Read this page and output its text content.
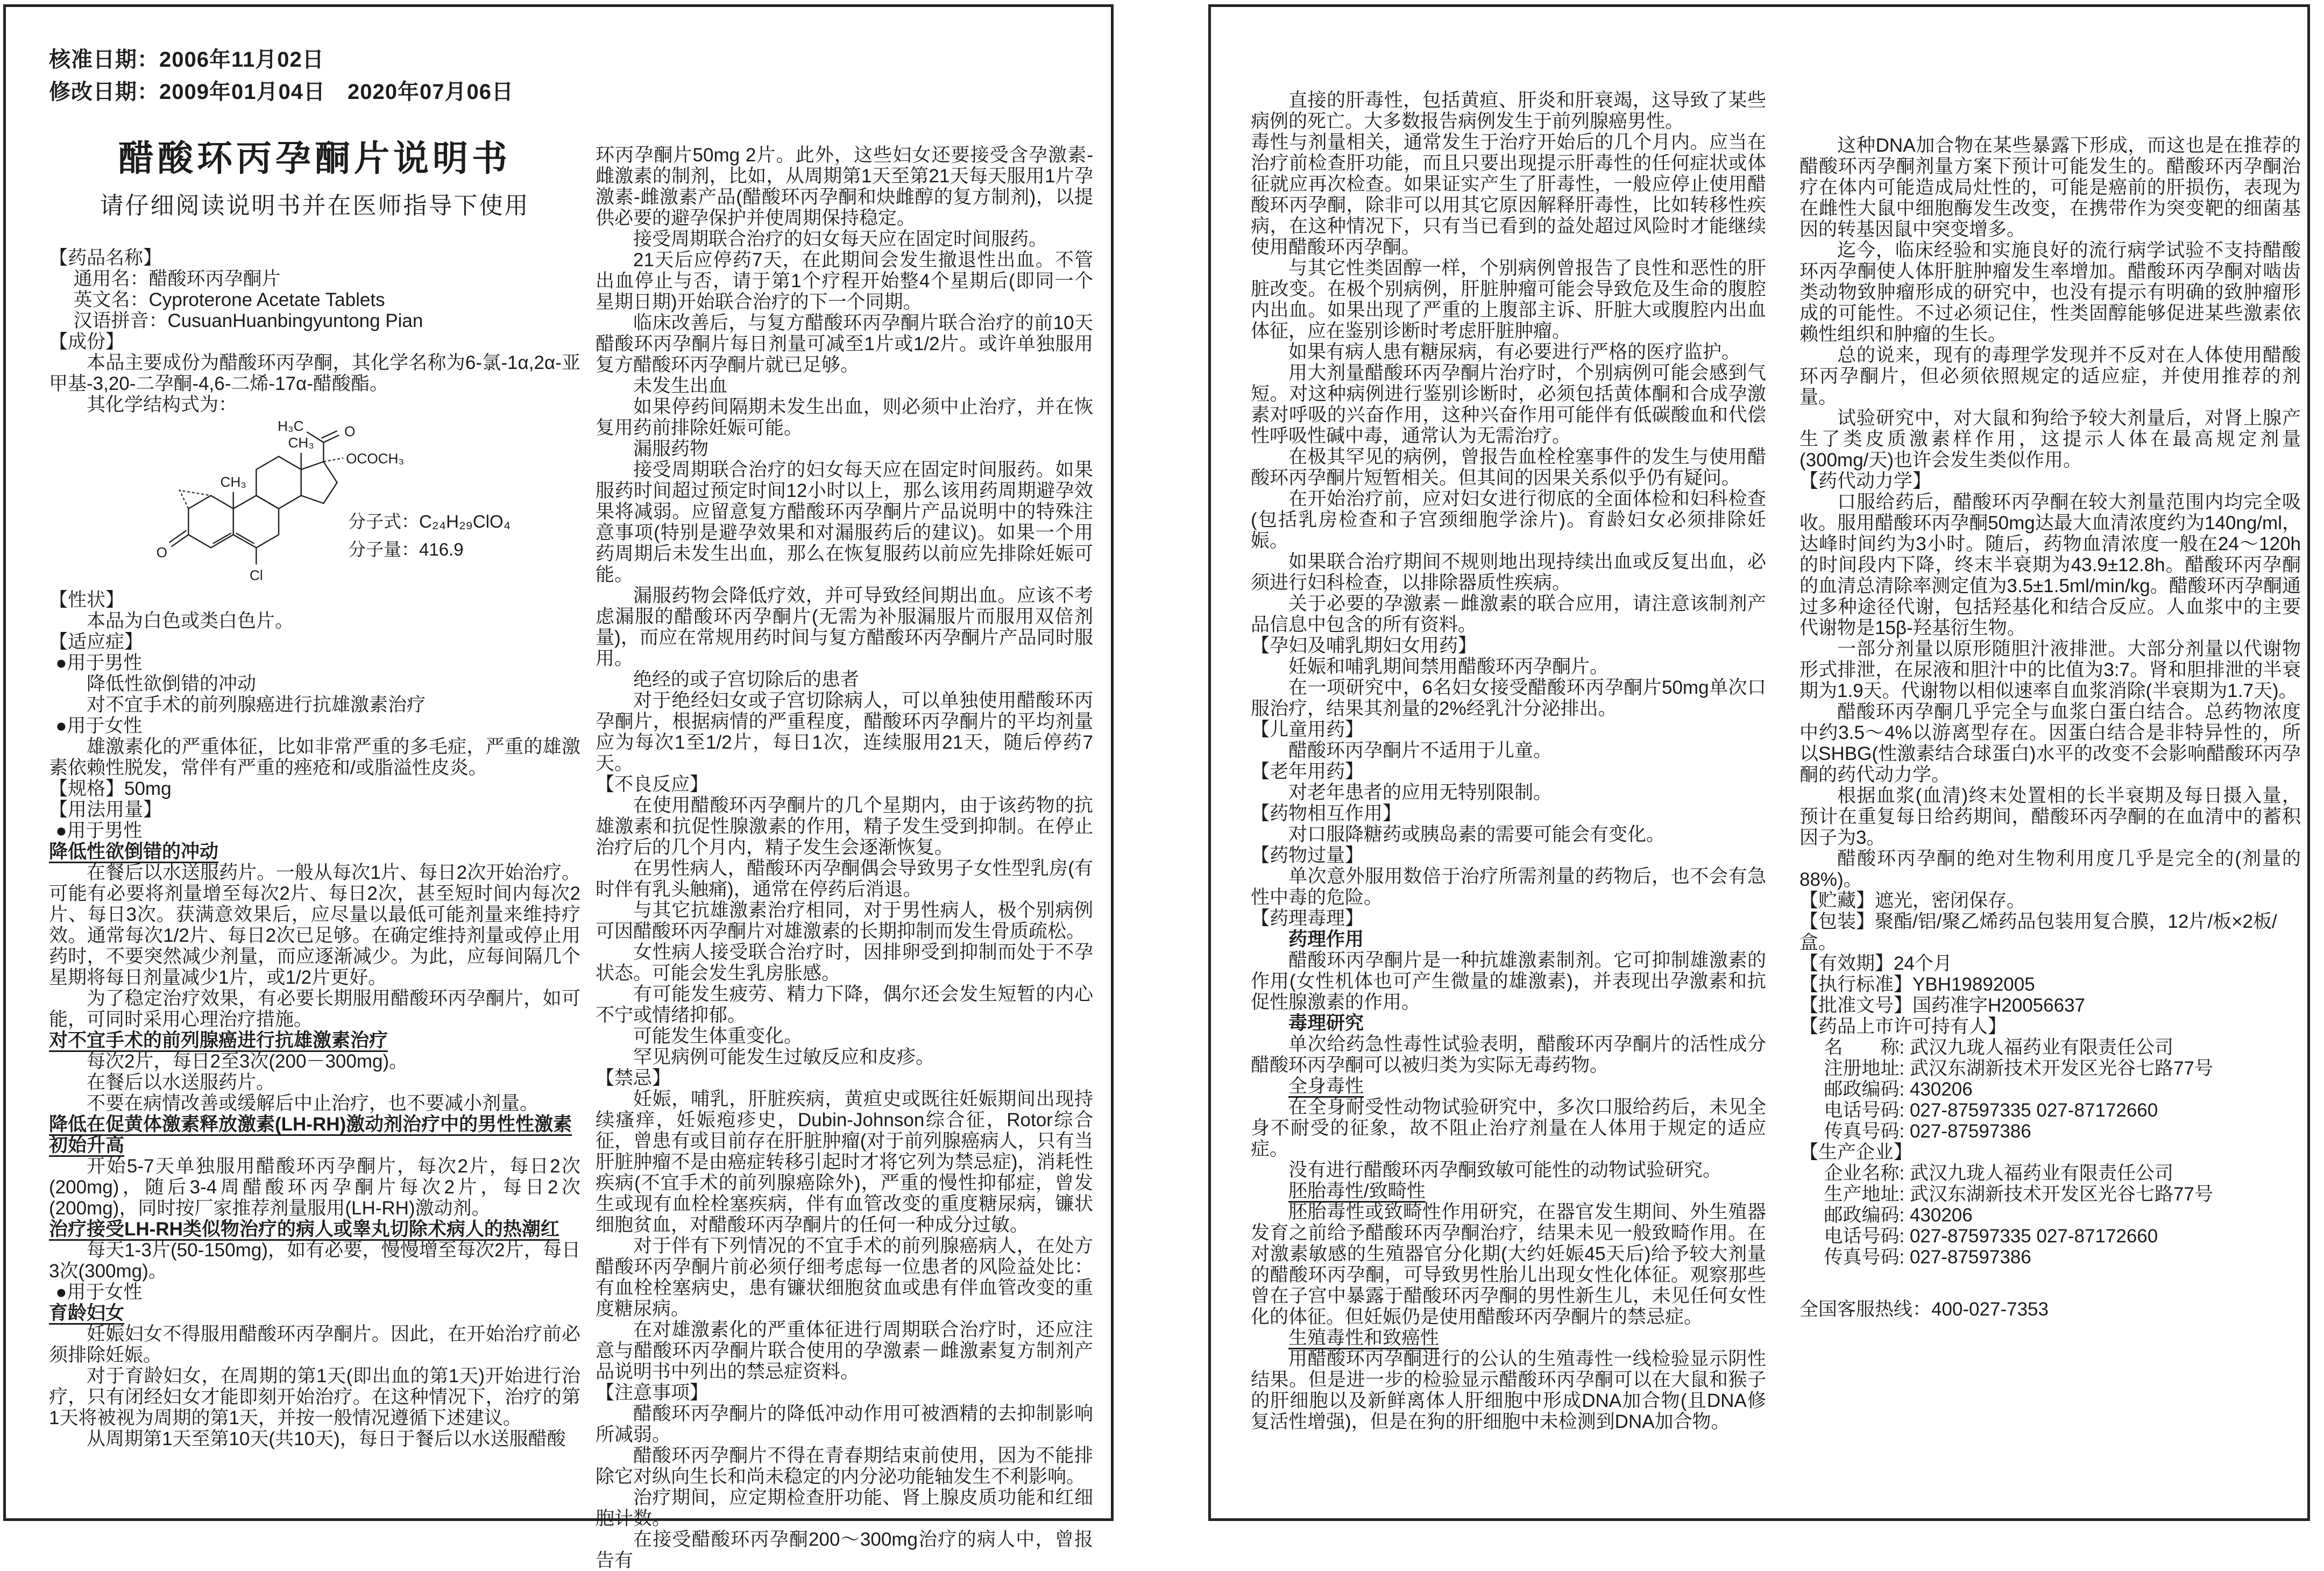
核准日期：2006年11月02日
修改日期：2009年01月04日　2020年07月06日
醋酸环丙孕酮片说明书
请仔细阅读说明书并在医师指导下使用
【药品名称】
通用名：醋酸环丙孕酮片
英文名：Cyproterone Acetate Tablets
汉语拼音：CusuanHuanbingyuntong Pian
【成份】
本品主要成份为醋酸环丙孕酮，其化学名称为6-氯-1α,2α-亚甲基-3,20-二孕酮-4,6-二烯-17α-醋酸酯。
其化学结构式为：
H₃C
CH₃
CH₃
OCOCH₃
O
O
Cl
分子式：C₂₄H₂₉ClO₄
分子量：416.9
【性状】
本品为白色或类白色片。
【适应症】
●用于男性
降低性欲倒错的冲动
对不宜手术的前列腺癌进行抗雄激素治疗
●用于女性
雄激素化的严重体征，比如非常严重的多毛症，严重的雄激素依赖性脱发，常伴有严重的痤疮和/或脂溢性皮炎。
【规格】50mg
【用法用量】
●用于男性
降低性欲倒错的冲动
在餐后以水送服药片。一般从每次1片、每日2次开始治疗。可能有必要将剂量增至每次2片、每日2次，甚至短时间内每次2片、每日3次。获满意效果后，应尽量以最低可能剂量来维持疗效。通常每次1/2片、每日2次已足够。在确定维持剂量或停止用药时，不要突然减少剂量，而应逐渐减少。为此，应每间隔几个星期将每日剂量减少1片，或1/2片更好。
为了稳定治疗效果，有必要长期服用醋酸环丙孕酮片，如可能，可同时采用心理治疗措施。
对不宜手术的前列腺癌进行抗雄激素治疗
每次2片，每日2至3次(200－300mg)。
在餐后以水送服药片。
不要在病情改善或缓解后中止治疗，也不要减小剂量。
降低在促黄体激素释放激素(LH-RH)激动剂治疗中的男性性激素初始升高
开始5-7天单独服用醋酸环丙孕酮片，每次2片，每日2次(200mg)，随后3-4周醋酸环丙孕酮片每次2片，每日2次(200mg)，同时按厂家推荐剂量服用(LH-RH)激动剂。
治疗接受LH-RH类似物治疗的病人或睾丸切除术病人的热潮红
每天1-3片(50-150mg)，如有必要，慢慢增至每次2片，每日3次(300mg)。
●用于女性
育龄妇女
妊娠妇女不得服用醋酸环丙孕酮片。因此，在开始治疗前必须排除妊娠。
对于育龄妇女，在周期的第1天(即出血的第1天)开始进行治疗，只有闭经妇女才能即刻开始治疗。在这种情况下，治疗的第1天将被视为周期的第1天，并按一般情况遵循下述建议。
从周期第1天至第10天(共10天)，每日于餐后以水送服醋酸
环丙孕酮片50mg 2片。此外，这些妇女还要接受含孕激素-雌激素的制剂，比如，从周期第1天至第21天每天服用1片孕激素-雌激素产品(醋酸环丙孕酮和炔雌醇的复方制剂)，以提供必要的避孕保护并使周期保持稳定。
接受周期联合治疗的妇女每天应在固定时间服药。
21天后应停药7天，在此期间会发生撤退性出血。不管出血停止与否，请于第1个疗程开始整4个星期后(即同一个星期日期)开始联合治疗的下一个同期。
临床改善后，与复方醋酸环丙孕酮片联合治疗的前10天醋酸环丙孕酮片每日剂量可减至1片或1/2片。或许单独服用复方醋酸环丙孕酮片就已足够。
未发生出血
如果停药间隔期未发生出血，则必须中止治疗，并在恢复用药前排除妊娠可能。
漏服药物
接受周期联合治疗的妇女每天应在固定时间服药。如果服药时间超过预定时间12小时以上，那么该用药周期避孕效果将减弱。应留意复方醋酸环丙孕酮片产品说明中的特殊注意事项(特别是避孕效果和对漏服药后的建议)。如果一个用药周期后未发生出血，那么在恢复服药以前应先排除妊娠可能。
漏服药物会降低疗效，并可导致经间期出血。应该不考虑漏服的醋酸环丙孕酮片(无需为补服漏服片而服用双倍剂量)，而应在常规用药时间与复方醋酸环丙孕酮片产品同时服用。
绝经的或子宫切除后的患者
对于绝经妇女或子宫切除病人，可以单独使用醋酸环丙孕酮片，根据病情的严重程度，醋酸环丙孕酮片的平均剂量应为每次1至1/2片，每日1次，连续服用21天，随后停药7天。
【不良反应】
在使用醋酸环丙孕酮片的几个星期内，由于该药物的抗雄激素和抗促性腺激素的作用，精子发生受到抑制。在停止治疗后的几个月内，精子发生会逐渐恢复。
在男性病人，醋酸环丙孕酮偶会导致男子女性型乳房(有时伴有乳头触痛)，通常在停药后消退。
与其它抗雄激素治疗相同，对于男性病人，极个别病例可因醋酸环丙孕酮片对雄激素的长期抑制而发生骨质疏松。
女性病人接受联合治疗时，因排卵受到抑制而处于不孕状态。可能会发生乳房胀感。
有可能发生疲劳、精力下降，偶尔还会发生短暂的内心不宁或情绪抑郁。
可能发生体重变化。
罕见病例可能发生过敏反应和皮疹。
【禁忌】
妊娠，哺乳，肝脏疾病，黄疸史或既往妊娠期间出现持续瘙痒，妊娠疱疹史，Dubin-Johnson综合征，Rotor综合征，曾患有或目前存在肝脏肿瘤(对于前列腺癌病人，只有当肝脏肿瘤不是由癌症转移引起时才将它列为禁忌症)，消耗性疾病(不宜手术的前列腺癌除外)，严重的慢性抑郁症，曾发生或现有血栓栓塞疾病，伴有血管改变的重度糖尿病，镰状细胞贫血，对醋酸环丙孕酮片的任何一种成分过敏。
对于伴有下列情况的不宜手术的前列腺癌病人，在处方醋酸环丙孕酮片前必须仔细考虑每一位患者的风险益处比：有血栓栓塞病史，患有镰状细胞贫血或患有伴血管改变的重度糖尿病。
在对雄激素化的严重体征进行周期联合治疗时，还应注意与醋酸环丙孕酮片联合使用的孕激素－雌激素复方制剂产品说明书中列出的禁忌症资料。
【注意事项】
醋酸环丙孕酮片的降低冲动作用可被酒精的去抑制影响所减弱。
醋酸环丙孕酮片不得在青春期结束前使用，因为不能排除它对纵向生长和尚未稳定的内分泌功能轴发生不利影响。
治疗期间，应定期检查肝功能、肾上腺皮质功能和红细胞计数。
在接受醋酸环丙孕酮200～300mg治疗的病人中，曾报告有
直接的肝毒性，包括黄疸、肝炎和肝衰竭，这导致了某些病例的死亡。大多数报告病例发生于前列腺癌男性。
毒性与剂量相关，通常发生于治疗开始后的几个月内。应当在治疗前检查肝功能，而且只要出现提示肝毒性的任何症状或体征就应再次检查。如果证实产生了肝毒性，一般应停止使用醋酸环丙孕酮，除非可以用其它原因解释肝毒性，比如转移性疾病，在这种情况下，只有当已看到的益处超过风险时才能继续使用醋酸环丙孕酮。
与其它性类固醇一样，个别病例曾报告了良性和恶性的肝脏改变。在极个别病例，肝脏肿瘤可能会导致危及生命的腹腔内出血。如果出现了严重的上腹部主诉、肝脏大或腹腔内出血体征，应在鉴别诊断时考虑肝脏肿瘤。
如果有病人患有糖尿病，有必要进行严格的医疗监护。
用大剂量醋酸环丙孕酮片治疗时，个别病例可能会感到气短。对这种病例进行鉴别诊断时，必须包括黄体酮和合成孕激素对呼吸的兴奋作用，这种兴奋作用可能伴有低碳酸血和代偿性呼吸性碱中毒，通常认为无需治疗。
在极其罕见的病例，曾报告血栓栓塞事件的发生与使用醋酸环丙孕酮片短暂相关。但其间的因果关系似乎仍有疑问。
在开始治疗前，应对妇女进行彻底的全面体检和妇科检查(包括乳房检查和子宫颈细胞学涂片)。育龄妇女必须排除妊娠。
如果联合治疗期间不规则地出现持续出血或反复出血，必须进行妇科检查，以排除器质性疾病。
关于必要的孕激素－雌激素的联合应用，请注意该制剂产品信息中包含的所有资料。
【孕妇及哺乳期妇女用药】
妊娠和哺乳期间禁用醋酸环丙孕酮片。
在一项研究中，6名妇女接受醋酸环丙孕酮片50mg单次口服治疗，结果其剂量的2%经乳汁分泌排出。
【儿童用药】
醋酸环丙孕酮片不适用于儿童。
【老年用药】
对老年患者的应用无特别限制。
【药物相互作用】
对口服降糖药或胰岛素的需要可能会有变化。
【药物过量】
单次意外服用数倍于治疗所需剂量的药物后，也不会有急性中毒的危险。
【药理毒理】
药理作用
醋酸环丙孕酮片是一种抗雄激素制剂。它可抑制雄激素的作用(女性机体也可产生微量的雄激素)，并表现出孕激素和抗促性腺激素的作用。
毒理研究
单次给药急性毒性试验表明，醋酸环丙孕酮片的活性成分醋酸环丙孕酮可以被归类为实际无毒药物。
全身毒性
在全身耐受性动物试验研究中，多次口服给药后，未见全身不耐受的征象，故不阻止治疗剂量在人体用于规定的适应症。
没有进行醋酸环丙孕酮致敏可能性的动物试验研究。
胚胎毒性/致畸性
胚胎毒性或致畸性作用研究，在器官发生期间、外生殖器发育之前给予醋酸环丙孕酮治疗，结果未见一般致畸作用。在对激素敏感的生殖器官分化期(大约妊娠45天后)给予较大剂量的醋酸环丙孕酮，可导致男性胎儿出现女性化体征。观察那些曾在子宫中暴露于醋酸环丙孕酮的男性新生儿，未见任何女性化的体征。但妊娠仍是使用醋酸环丙孕酮片的禁忌症。
生殖毒性和致癌性
用醋酸环丙孕酮进行的公认的生殖毒性一线检验显示阴性结果。但是进一步的检验显示醋酸环丙孕酮可以在大鼠和猴子的肝细胞以及新鲜离体人肝细胞中形成DNA加合物(且DNA修复活性增强)，但是在狗的肝细胞中未检测到DNA加合物。
这种DNA加合物在某些暴露下形成，而这也是在推荐的醋酸环丙孕酮剂量方案下预计可能发生的。醋酸环丙孕酮治疗在体内可能造成局灶性的，可能是癌前的肝损伤，表现为在雌性大鼠中细胞酶发生改变，在携带作为突变靶的细菌基因的转基因鼠中突变增多。
迄今，临床经验和实施良好的流行病学试验不支持醋酸环丙孕酮使人体肝脏肿瘤发生率增加。醋酸环丙孕酮对啮齿类动物致肿瘤形成的研究中，也没有提示有明确的致肿瘤形成的可能性。不过必须记住，性类固醇能够促进某些激素依赖性组织和肿瘤的生长。
总的说来，现有的毒理学发现并不反对在人体使用醋酸环丙孕酮片，但必须依照规定的适应症，并使用推荐的剂量。
试验研究中，对大鼠和狗给予较大剂量后，对肾上腺产生了类皮质激素样作用，这提示人体在最高规定剂量(300mg/天)也许会发生类似作用。
【药代动力学】
口服给药后，醋酸环丙孕酮在较大剂量范围内均完全吸收。服用醋酸环丙孕酮50mg达最大血清浓度约为140ng/ml，达峰时间约为3小时。随后，药物血清浓度一般在24～120h的时间段内下降，终末半衰期为43.9±12.8h。醋酸环丙孕酮的血清总清除率测定值为3.5±1.5ml/min/kg。醋酸环丙孕酮通过多种途径代谢，包括羟基化和结合反应。人血浆中的主要代谢物是15β-羟基衍生物。
一部分剂量以原形随胆汁液排泄。大部分剂量以代谢物形式排泄，在尿液和胆汁中的比值为3:7。肾和胆排泄的半衰期为1.9天。代谢物以相似速率自血浆消除(半衰期为1.7天)。
醋酸环丙孕酮几乎完全与血浆白蛋白结合。总药物浓度中约3.5～4%以游离型存在。因蛋白结合是非特异性的，所以SHBG(性激素结合球蛋白)水平的改变不会影响醋酸环丙孕酮的药代动力学。
根据血浆(血清)终末处置相的长半衰期及每日摄入量，预计在重复每日给药期间，醋酸环丙孕酮的在血清中的蓄积因子为3。
醋酸环丙孕酮的绝对生物利用度几乎是完全的(剂量的88%)。
【贮藏】遮光，密闭保存。
【包装】聚酯/铝/聚乙烯药品包装用复合膜，12片/板×2板/盒。
【有效期】24个月
【执行标准】YBH19892005
【批准文号】国药准字H20056637
【药品上市许可持有人】
名　　称: 武汉九珑人福药业有限责任公司
注册地址: 武汉东湖新技术开发区光谷七路77号
邮政编码: 430206
电话号码: 027-87597335 027-87172660
传真号码: 027-87597386
【生产企业】
企业名称: 武汉九珑人福药业有限责任公司
生产地址: 武汉东湖新技术开发区光谷七路77号
邮政编码: 430206
电话号码: 027-87597335 027-87172660
传真号码: 027-87597386
全国客服热线：400-027-7353
